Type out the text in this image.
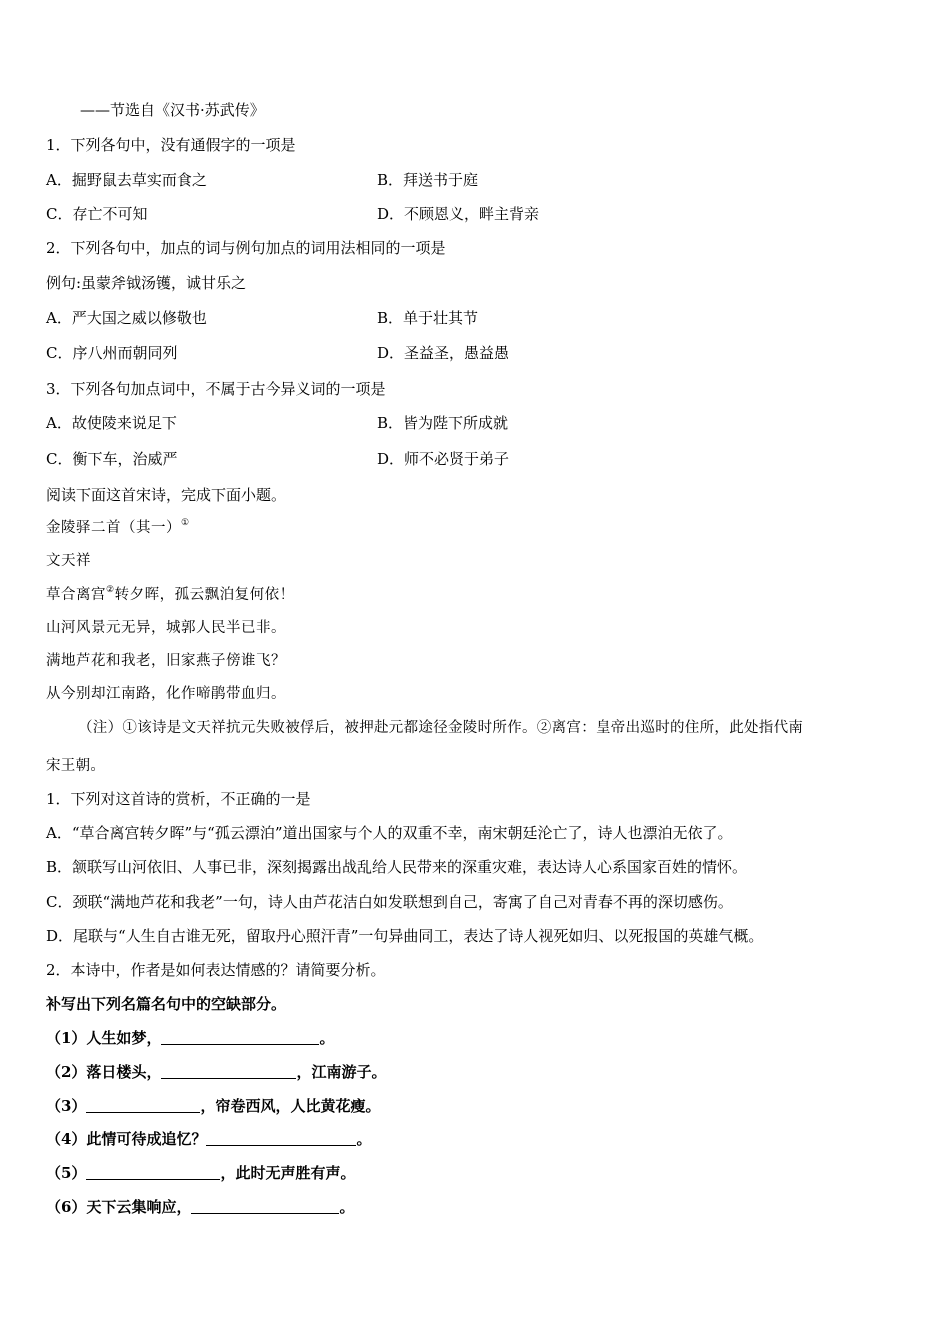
——节选自《汉书·苏武传》
1．下列各句中，没有通假字的一项是
A．掘野鼠去草实而食之	B．拜送书于庭
C．存亡不可知	D．不顾恩义，畔主背亲
2．下列各句中，加点的词与例句加点的词用法相同的一项是
例句:虽蒙斧钺汤镬，诚甘乐之
A．严大国之威以修敬也	B．单于壮其节
C．序八州而朝同列	D．圣益圣，愚益愚
3．下列各句加点词中，不属于古今异义词的一项是
A．故使陵来说足下	B．皆为陛下所成就
C．衡下车，治威严	D．师不必贤于弟子
阅读下面这首宋诗，完成下面小题。
金陵驿二首（其一）①
文天祥
草合离宫②转夕晖，孤云飘泊复何依！
山河风景元无异，城郭人民半已非。
满地芦花和我老，旧家燕子傍谁飞？
从今别却江南路，化作啼鹃带血归。
（注）①该诗是文天祥抗元失败被俘后，被押赴元都途径金陵时所作。②离宫：皇帝出巡时的住所，此处指代南
宋王朝。
1．下列对这首诗的赏析，不正确的一是
A．“草合离宫转夕晖”与“孤云漂泊”道出国家与个人的双重不幸，南宋朝廷沦亡了，诗人也漂泊无依了。
B．颔联写山河依旧、人事已非，深刻揭露出战乱给人民带来的深重灾难，表达诗人心系国家百姓的情怀。
C．颈联“满地芦花和我老”一句，诗人由芦花洁白如发联想到自己，寄寓了自己对青春不再的深切感伤。
D．尾联与“人生自古谁无死，留取丹心照汗青”一句异曲同工，表达了诗人视死如归、以死报国的英雄气概。
2．本诗中，作者是如何表达情感的？请简要分析。
补写出下列名篇名句中的空缺部分。
（1）人生如梦，	。
（2）落日楼头，	，江南游子。
（3）	，帘卷西风，人比黄花瘦。
（4）此情可待成追忆？	。
（5）	，此时无声胜有声。
（6）天下云集响应，	。
